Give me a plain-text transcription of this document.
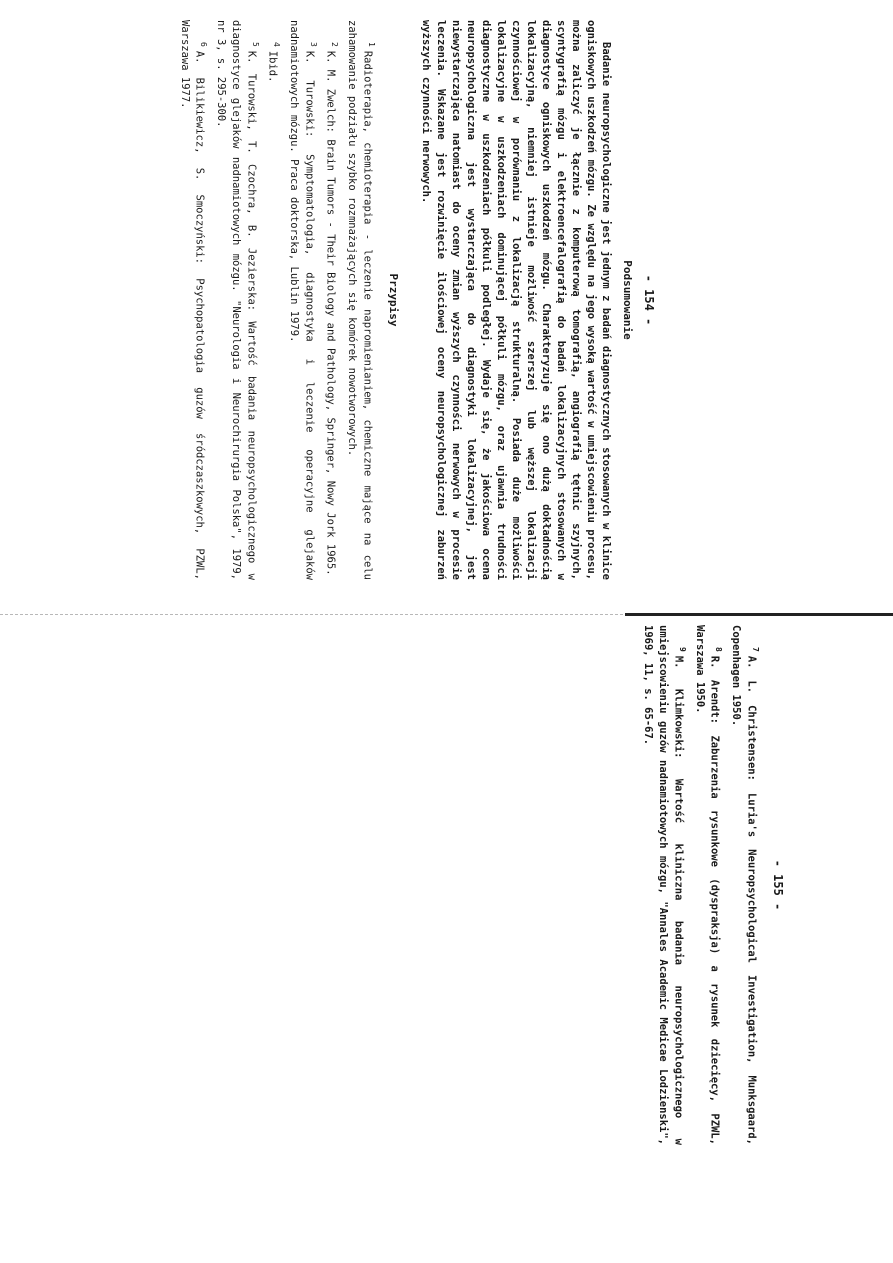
- 154 -

Podsumowanie

Badanie neuropsychologiczne jest jednym z badań diagnostycznych stosowanych w klinice ogniskowych uszkodzeń mózgu. Ze względu na jego wysoką wartość w umiejscowieniu procesu, można zaliczyć je łącznie z komputerową tomografią, angiografią tętnic szyjnych, scyntygrafią mózgu i elektroencefalografią do badań lokalizacyjnych stosowanych w diagnostyce ogniskowych uszkodzeń mózgu. Charakteryzuje się ono dużą dokładnością lokalizacyjną, niemniej istnieje możliwość szerszej lub węższej lokalizacji czynnościowej w porównaniu z lokalizacją strukturalną. Posiada duże możliwości lokalizacyjne w uszkodzeniach dominującej półkuli mózgu, oraz ujawnia trudności diagnostyczne w uszkodzeniach półkuli podległej. Wydaje się, że jakościowa ocena neuropsychologiczna jest wystarczająca do diagnostyki lokalizacyjnej, jest niewystarczająca natomiast do oceny zmian wyższych czynności nerwowych w procesie leczenia. Wskazane jest rozwinięcie ilościowej oceny neuropsychologicznej zaburzeń wyższych czynności nerwowych.

Przypisy

$^1$Radioterapia, chemioterapia - leczenie napromienianiem, chemiczne mające na celu zahamowanie podziału szybko rozmnażających się komórek nowotworowych.

$^2$K. M. Zwelch: Brain Tumors - Their Biology and Pathology, Springer, Nowy Jork 1965.

$^3$K. Turowski: Symptomatologia, diagnostyka i leczenie operacyjne glejaków nadnamiotowych mózgu. Praca doktorska, Lublin 1979.

$^4$Ibid.

$^5$K. Turowski, T. Czochra, B. Jezierska: Wartość badania neuropsychologicznego w diagnostyce glejaków nadnamiotowych mózgu. "Neurologia i Neurochirurgia Polska", 1979, nr 3, s. 295-300.

$^6$A. Bilikiewicz, S. Smoczyński: Psychopatologia guzów śródczaszkowych, PZWL, Warszawa 1977.

- 155 -

$^7$A. L. Christensen: Luria's Neuropsychological Investigation, Munksgaard, Copenhagen 1950.

$^8$R. Arendt: Zaburzenia rysunkowe (dyspraksja) a rysunek dziecięcy, PZWL, Warszawa 1950.

$^9$M. Klimkowski: Wartość kliniczna badania neuropsychologicznego w umiejscowieniu guzów nadnamiotowych mózgu, "Annales Academic Medicae Lodzienski", 1969, 11, s. 65-67.
